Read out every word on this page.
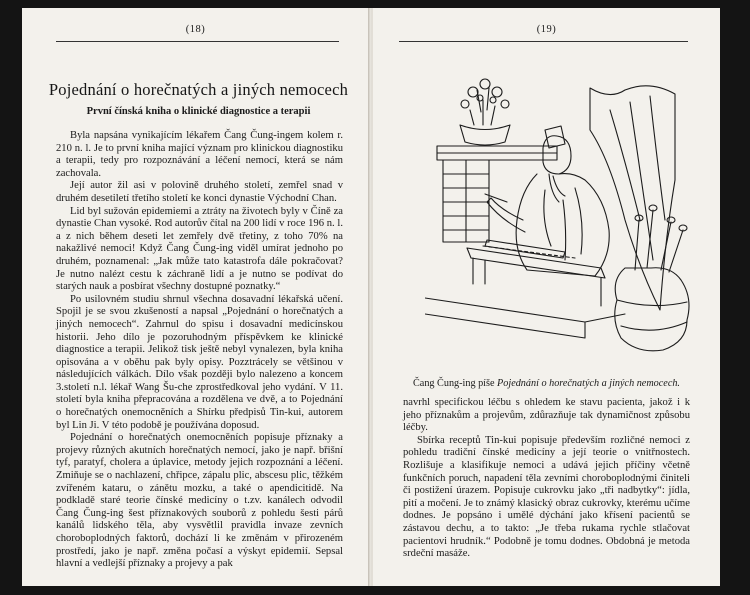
(18)
Pojednání o horečnatých a jiných nemocech
První čínská kniha o klinické diagnostice a terapii

Byla napsána vynikajícím lékařem Čang Čung-ingem kolem r. 210 n. l. Je to první kniha mající význam pro klinickou diagnostiku a terapii, tedy pro rozpoznávání a léčení nemocí, která se nám zachovala.

Její autor žil asi v polovině druhého století, zemřel snad v druhém desetiletí třetího století ke konci dynastie Východní Chan.

Lid byl sužován epidemiemi a ztráty na životech byly v Číně za dynastie Chan vysoké. Rod autorův čítal na 200 lidí v roce 196 n. l. a z nich během deseti let zemřely dvě třetiny, z toho 70% na nakažlivé nemoci! Když Čang Čung-ing viděl umírat jednoho po druhém, poznamenal: „Jak může tato katastrofa dále pokračovat? Je nutno nalézt cestu k záchraně lidí a je nutno se podívat do starých nauk a posbírat všechny dostupné poznatky.“

Po usilovném studiu shrnul všechna dosavadní lékařská učení. Spojil je se svou zkušeností a napsal „Pojednání o horečnatých a jiných nemocech“. Zahrnul do spisu i dosavadní medicínskou historii. Jeho dílo je pozoruhodným příspěvkem ke klinické diagnostice a terapii. Jelikož tisk ještě nebyl vynalezen, byla kniha opisována a v oběhu pak byly opisy. Pozztrácely se většinou v následujících válkách. Dílo však později bylo nalezeno a koncem 3.století n.l. lékař Wang Šu-che zprostředkoval jeho vydání. V 11. století byla kniha přepracována a rozdělena ve dvě, a to Pojednání o horečnatých onemocněních a Shírku předpisů Tin-kui, autorem byl Lin Ji. V této podobě je používána doposud.

Pojednání o horečnatých onemocněních popisuje příznaky a projevy různých akutních horečnatých nemocí, jako je např. břišní tyf, paratyf, cholera a úplavice, metody jejich rozpoznání a léčení. Zmiňuje se o nachlazení, chřipce, zápalu plic, abscesu plic, těžkém zvířeném kataru, o zánětu mozku, a také o apendicitidě. Na podkladě staré teorie čínské medicíny o t.zv. kanálech odvodil Čang Čung-ing šest příznakových souborů z pohledu šesti párů kanálů lidského těla, aby vysvětlil pravidla invaze zevních choroboplodných faktorů, dochází li ke změnám v přirozeném prostředí, jako je např. změna počasí a výskyt epidemií. Sepsal hlavní a vedlejší příznaky a projevy a pak

(19)
Čang Čung-ing píše Pojednání o horečnatých a jiných nemocech.

navrhl specifickou léčbu s ohledem ke stavu pacienta, jakož i k jeho příznakům a projevům, zdůrazňuje tak dynamičnost způsobu léčby.

Sbírka receptů Tin-kui popisuje především rozličné nemoci z pohledu tradiční čínské medicíny a její teorie o vnitřnostech. Rozlišuje a klasifikuje nemoci a udává jejich příčiny včetně funkčních poruch, napadení těla zevními choroboplodnými činiteli či postižení úrazem. Popisuje cukrovku jako „tři nadbytky“: jídla, pití a močení. Je to známý klasický obraz cukrovky, kterému učíme dodnes. Je popsáno i umělé dýchání jako křísení pacientů se zástavou dechu, a to takto: „Je třeba rukama rychle stlačovat pacientovi hrudník.“ Podobně je tomu dodnes. Obdobná je metoda srdeční masáže.
